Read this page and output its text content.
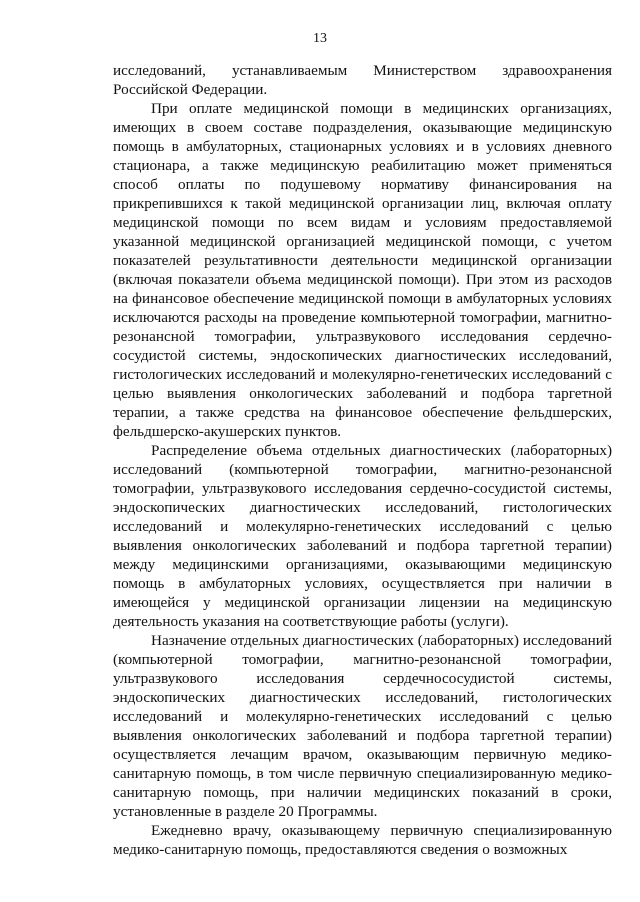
13

исследований, устанавливаемым Министерством здравоохранения Российской Федерации.

При оплате медицинской помощи в медицинских организациях, имеющих в своем составе подразделения, оказывающие медицинскую помощь в амбулаторных, стационарных условиях и в условиях дневного стационара, а также медицинскую реабилитацию может применяться способ оплаты по подушевому нормативу финансирования на прикрепившихся к такой медицинской организации лиц, включая оплату медицинской помощи по всем видам и условиям предоставляемой указанной медицинской организацией медицинской помощи, с учетом показателей результативности деятельности медицинской организации (включая показатели объема медицинской помощи). При этом из расходов на финансовое обеспечение медицинской помощи в амбулаторных условиях исключаются расходы на проведение компьютерной томографии, магнитно-резонансной томографии, ультразвукового исследования сердечно-сосудистой системы, эндоскопических диагностических исследований, гистологических исследований и молекулярно-генетических исследований с целью выявления онкологических заболеваний и подбора таргетной терапии, а также средства на финансовое обеспечение фельдшерских, фельдшерско-акушерских пунктов.

Распределение объема отдельных диагностических (лабораторных) исследований (компьютерной томографии, магнитно-резонансной томографии, ультразвукового исследования сердечно-сосудистой системы, эндоскопических диагностических исследований, гистологических исследований и молекулярно-генетических исследований с целью выявления онкологических заболеваний и подбора таргетной терапии) между медицинскими организациями, оказывающими медицинскую помощь в амбулаторных условиях, осуществляется при наличии в имеющейся у медицинской организации лицензии на медицинскую деятельность указания на соответствующие работы (услуги).

Назначение отдельных диагностических (лабораторных) исследований (компьютерной томографии, магнитно-резонансной томографии, ультразвукового исследования сердечнососудистой системы, эндоскопических диагностических исследований, гистологических исследований и молекулярно-генетических исследований с целью выявления онкологических заболеваний и подбора таргетной терапии) осуществляется лечащим врачом, оказывающим первичную медико-санитарную помощь, в том числе первичную специализированную медико-санитарную помощь, при наличии медицинских показаний в сроки, установленные в разделе 20 Программы.

Ежедневно врачу, оказывающему первичную специализированную медико-санитарную помощь, предоставляются сведения о возможных
